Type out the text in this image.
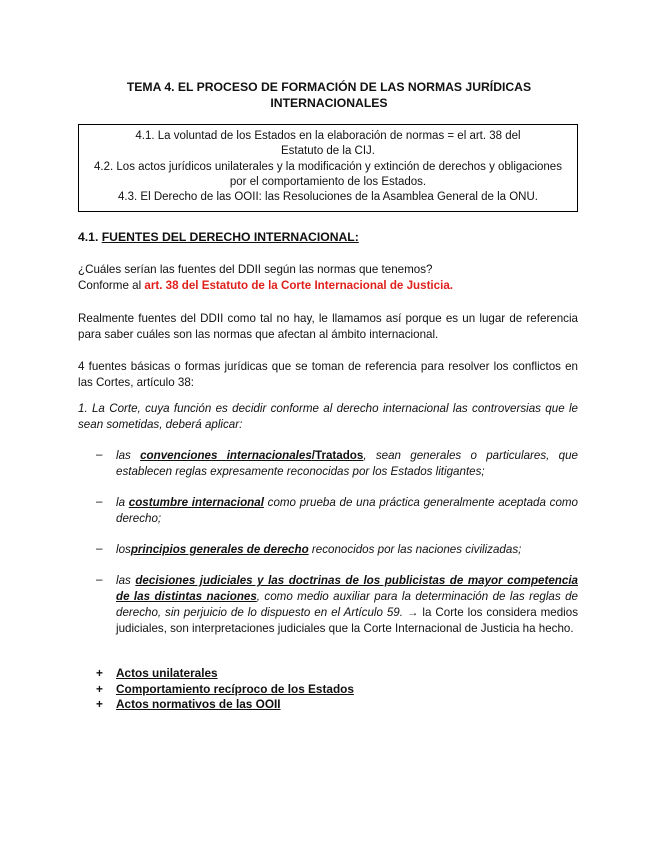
TEMA 4. EL PROCESO DE FORMACIÓN DE LAS NORMAS JURÍDICAS
INTERNACIONALES
4.1. La voluntad de los Estados en la elaboración de normas = el art. 38 del
Estatuto de la CIJ.
4.2. Los actos jurídicos unilaterales y la modificación y extinción de derechos y obligaciones
por el comportamiento de los Estados.
4.3. El Derecho de las OOII: las Resoluciones de la Asamblea General de la ONU.
4.1. FUENTES DEL DERECHO INTERNACIONAL:
¿Cuáles serían las fuentes del DDII según las normas que tenemos?
Conforme al art. 38 del Estatuto de la Corte Internacional de Justicia.
Realmente fuentes del DDII como tal no hay, le llamamos así porque es un lugar de referencia para saber cuáles son las normas que afectan al ámbito internacional.
4 fuentes básicas o formas jurídicas que se toman de referencia para resolver los conflictos en las Cortes, artículo 38:
1. La Corte, cuya función es decidir conforme al derecho internacional las controversias que le sean sometidas, deberá aplicar:
– las convenciones internacionales/Tratados, sean generales o particulares, que establecen reglas expresamente reconocidas por los Estados litigantes;
– la costumbre internacional como prueba de una práctica generalmente aceptada como derecho;
– losprincipios generales de derecho reconocidos por las naciones civilizadas;
– las decisiones judiciales y las doctrinas de los publicistas de mayor competencia de las distintas naciones, como medio auxiliar para la determinación de las reglas de derecho, sin perjuicio de lo dispuesto en el Artículo 59. → la Corte los considera medios judiciales, son interpretaciones judiciales que la Corte Internacional de Justicia ha hecho.
+ Actos unilaterales
+ Comportamiento recíproco de los Estados
+ Actos normativos de las OOII
